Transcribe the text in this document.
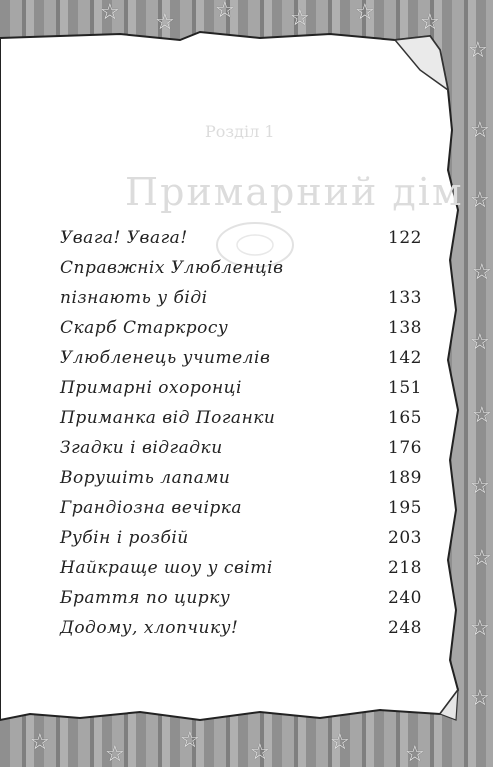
☆ ☆ ☆	☆ ☆ ☆
☆
☆
☆
☆
☆
☆
☆
☆
☆
☆
☆	☆
☆ ☆	☆	☆
Розділ 1
Примарний дім
Увага! Увага!	122
Справжніх Улюбленців
пізнають у біді	133
Скарб Старкросу	138
Улюбленець учителів	142
Примарні охоронці	151
Приманка від Поганки	165
Згадки і відгадки	176
Ворушіть лапами	189
Грандіозна вечірка	195
Рубін і розбій	203
Найкраще шоу у світі	218
Браття по цирку	240
Додому, хлопчику!	248
